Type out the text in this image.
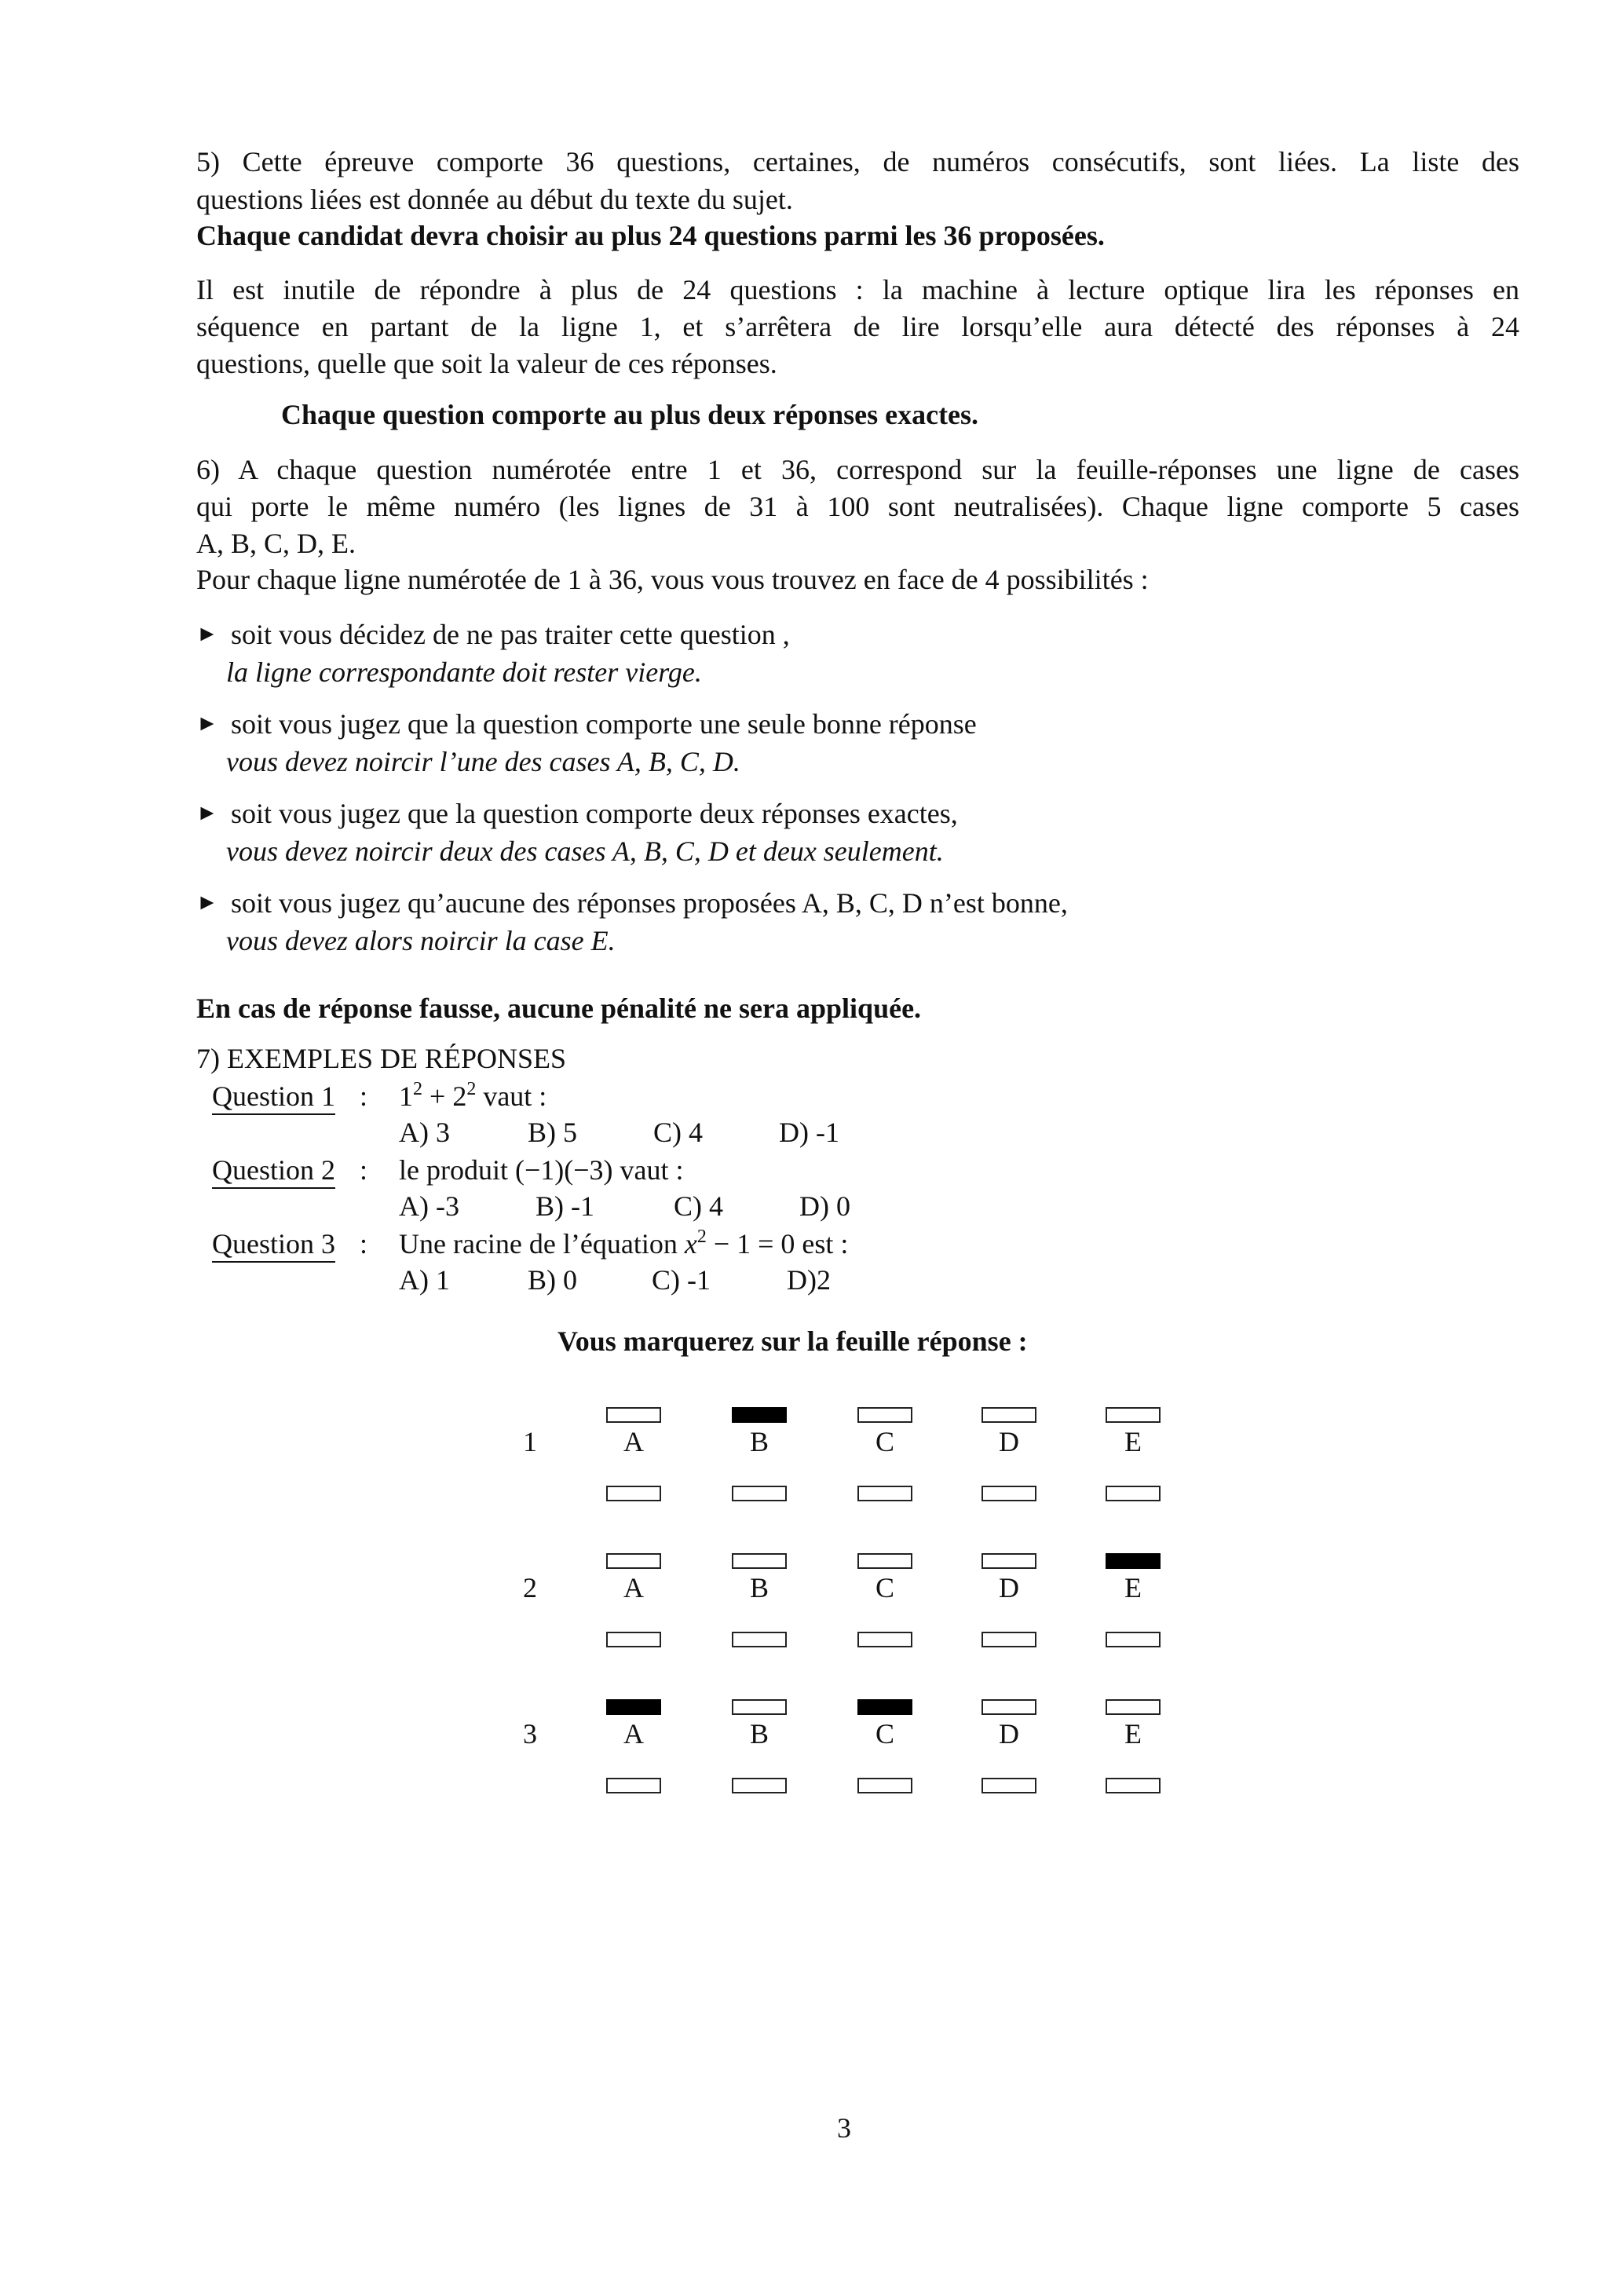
5) Cette épreuve comporte 36 questions, certaines, de numéros consécutifs, sont liées. La liste des
questions liées est donnée au début du texte du sujet.
Chaque candidat devra choisir au plus 24 questions parmi les 36 proposées.
Il est inutile de répondre à plus de 24 questions : la machine à lecture optique lira les réponses en
séquence en partant de la ligne 1, et s’arrêtera de lire lorsqu’elle aura détecté des réponses à 24
questions, quelle que soit la valeur de ces réponses.
Chaque question comporte au plus deux réponses exactes.
6) A chaque question numérotée entre 1 et 36, correspond sur la feuille-réponses une ligne de cases
qui porte le même numéro (les lignes de 31 à 100 sont neutralisées). Chaque ligne comporte 5 cases
A, B, C, D, E.
Pour chaque ligne numérotée de 1 à 36, vous vous trouvez en face de 4 possibilités :
► soit vous décidez de ne pas traiter cette question ,
la ligne correspondante doit rester vierge.
► soit vous jugez que la question comporte une seule bonne réponse
vous devez noircir l’une des cases A, B, C, D.
► soit vous jugez que la question comporte deux réponses exactes,
vous devez noircir deux des cases A, B, C, D et deux seulement.
► soit vous jugez qu’aucune des réponses proposées A, B, C, D n’est bonne,
vous devez alors noircir la case E.
En cas de réponse fausse, aucune pénalité ne sera appliquée.
7) EXEMPLES DE RÉPONSES
Question 1 : $1^2 + 2^2$ vaut :
A) 3	B) 5	C) 4	D) -1
Question 2 : le produit (−1)(−3) vaut :
A) -3	B) -1	C) 4	D) 0
Question 3 : Une racine de l’équation $x^2 - 1 = 0$ est :
A) 1	B) 0	C) -1	D)2
Vous marquerez sur la feuille réponse :
1	A	B	C	D	E
2	A	B	C	D	E
3	A	B	C	D	E
3
